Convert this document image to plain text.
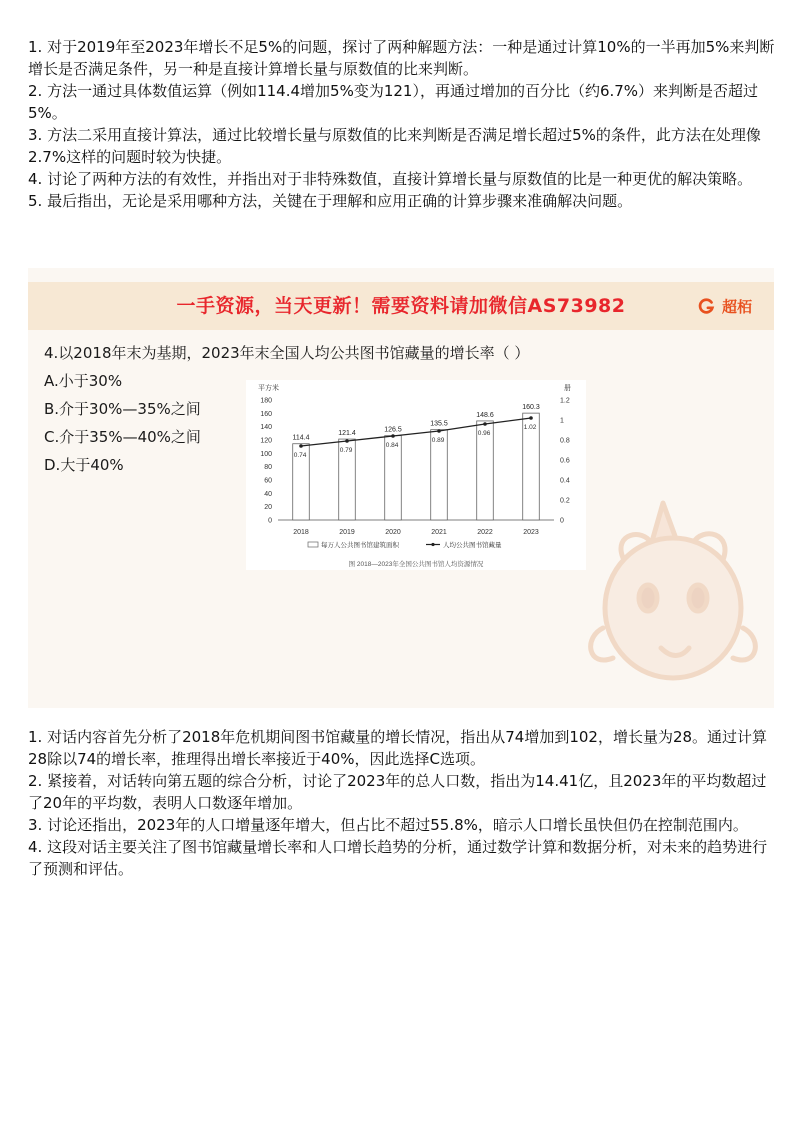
1. 对于2019年至2023年增长不足5%的问题，探讨了两种解题方法：一种是通过计算10%的一半再加5%来判断增长是否满足条件，另一种是直接计算增长量与原数值的比来判断。

2. 方法一通过具体数值运算（例如114.4增加5%变为121），再通过增加的百分比（约6.7%）来判断是否超过5%。

3. 方法二采用直接计算法，通过比较增长量与原数值的比来判断是否满足增长超过5%的条件，此方法在处理像2.7%这样的问题时较为快捷。

4. 讨论了两种方法的有效性，并指出对于非特殊数值，直接计算增长量与原数值的比是一种更优的解决策略。

5. 最后指出，无论是采用哪种方法，关键在于理解和应用正确的计算步骤来准确解决问题。

一手资源，当天更新！需要资料请加微信AS73982	超栢
4.以2018年末为基期，2023年末全国人均公共图书馆藏量的增长率（ ）
A.小于30%
B.介于30%—35%之间
C.介于35%—40%之间
D.大于40%
平方米	册
0
20
40
60
80
100
120
140
160
180
0
0.2
0.4
0.6
0.8
1
1.2
114.4
121.4	126.5
135.5
148.6
160.3
0.74
0.79
0.84
0.89
0.96
1.02
2018	2019	2020	2021	2022	2023
每万人公共图书馆建筑面积	人均公共图书馆藏量
图 2018—2023年全国公共图书馆人均资源情况

1. 对话内容首先分析了2018年危机期间图书馆藏量的增长情况，指出从74增加到102，增长量为28。通过计算28除以74的增长率，推理得出增长率接近于40%，因此选择C选项。

2. 紧接着，对话转向第五题的综合分析，讨论了2023年的总人口数，指出为14.41亿，且2023年的平均数超过了20年的平均数，表明人口数逐年增加。

3. 讨论还指出，2023年的人口增量逐年增大，但占比不超过55.8%，暗示人口增长虽快但仍在控制范围内。

4. 这段对话主要关注了图书馆藏量增长率和人口增长趋势的分析，通过数学计算和数据分析，对未来的趋势进行了预测和评估。
